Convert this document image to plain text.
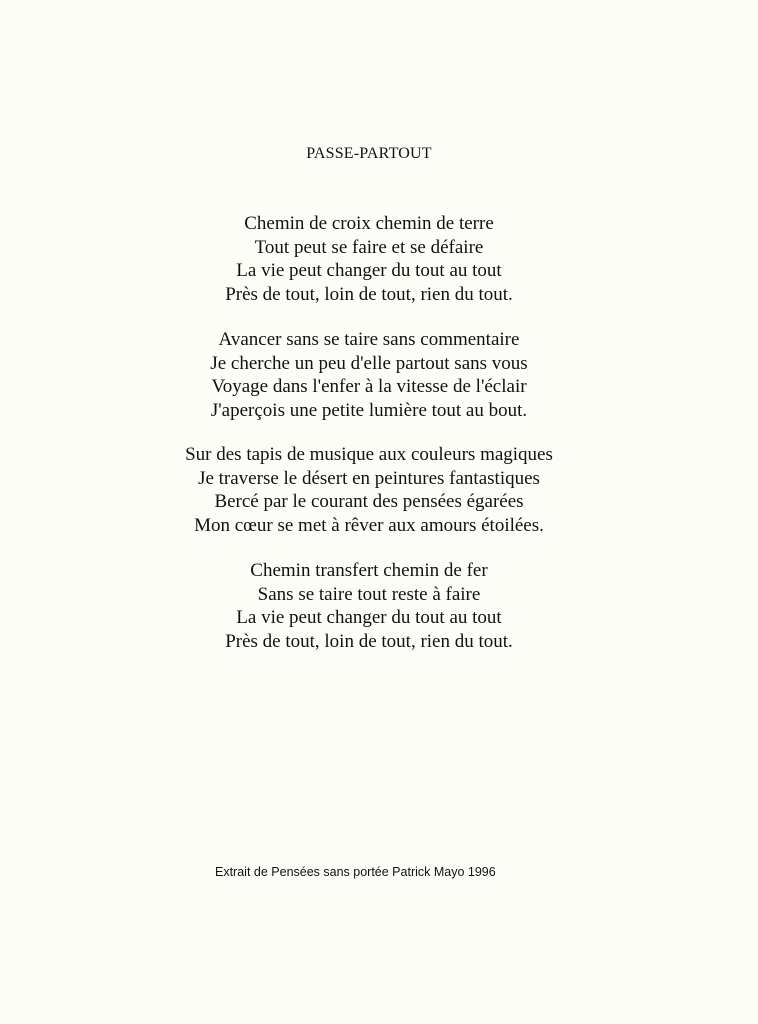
PASSE-PARTOUT
Chemin de croix chemin de terre
Tout peut se faire et se défaire
La vie peut changer du tout au tout
Près de tout, loin de tout, rien du tout.
Avancer sans se taire sans commentaire
Je cherche un peu d'elle partout sans vous
Voyage dans l'enfer à la vitesse de l'éclair
J'aperçois une petite lumière tout au bout.
Sur des tapis de musique aux couleurs magiques
Je traverse le désert en peintures fantastiques
Bercé par le courant des pensées égarées
Mon cœur se met à rêver aux amours étoilées.
Chemin transfert chemin de fer
Sans se taire tout reste à faire
La vie peut changer du tout au tout
Près de tout, loin de tout, rien du tout.
Extrait de Pensées sans portée Patrick Mayo 1996
